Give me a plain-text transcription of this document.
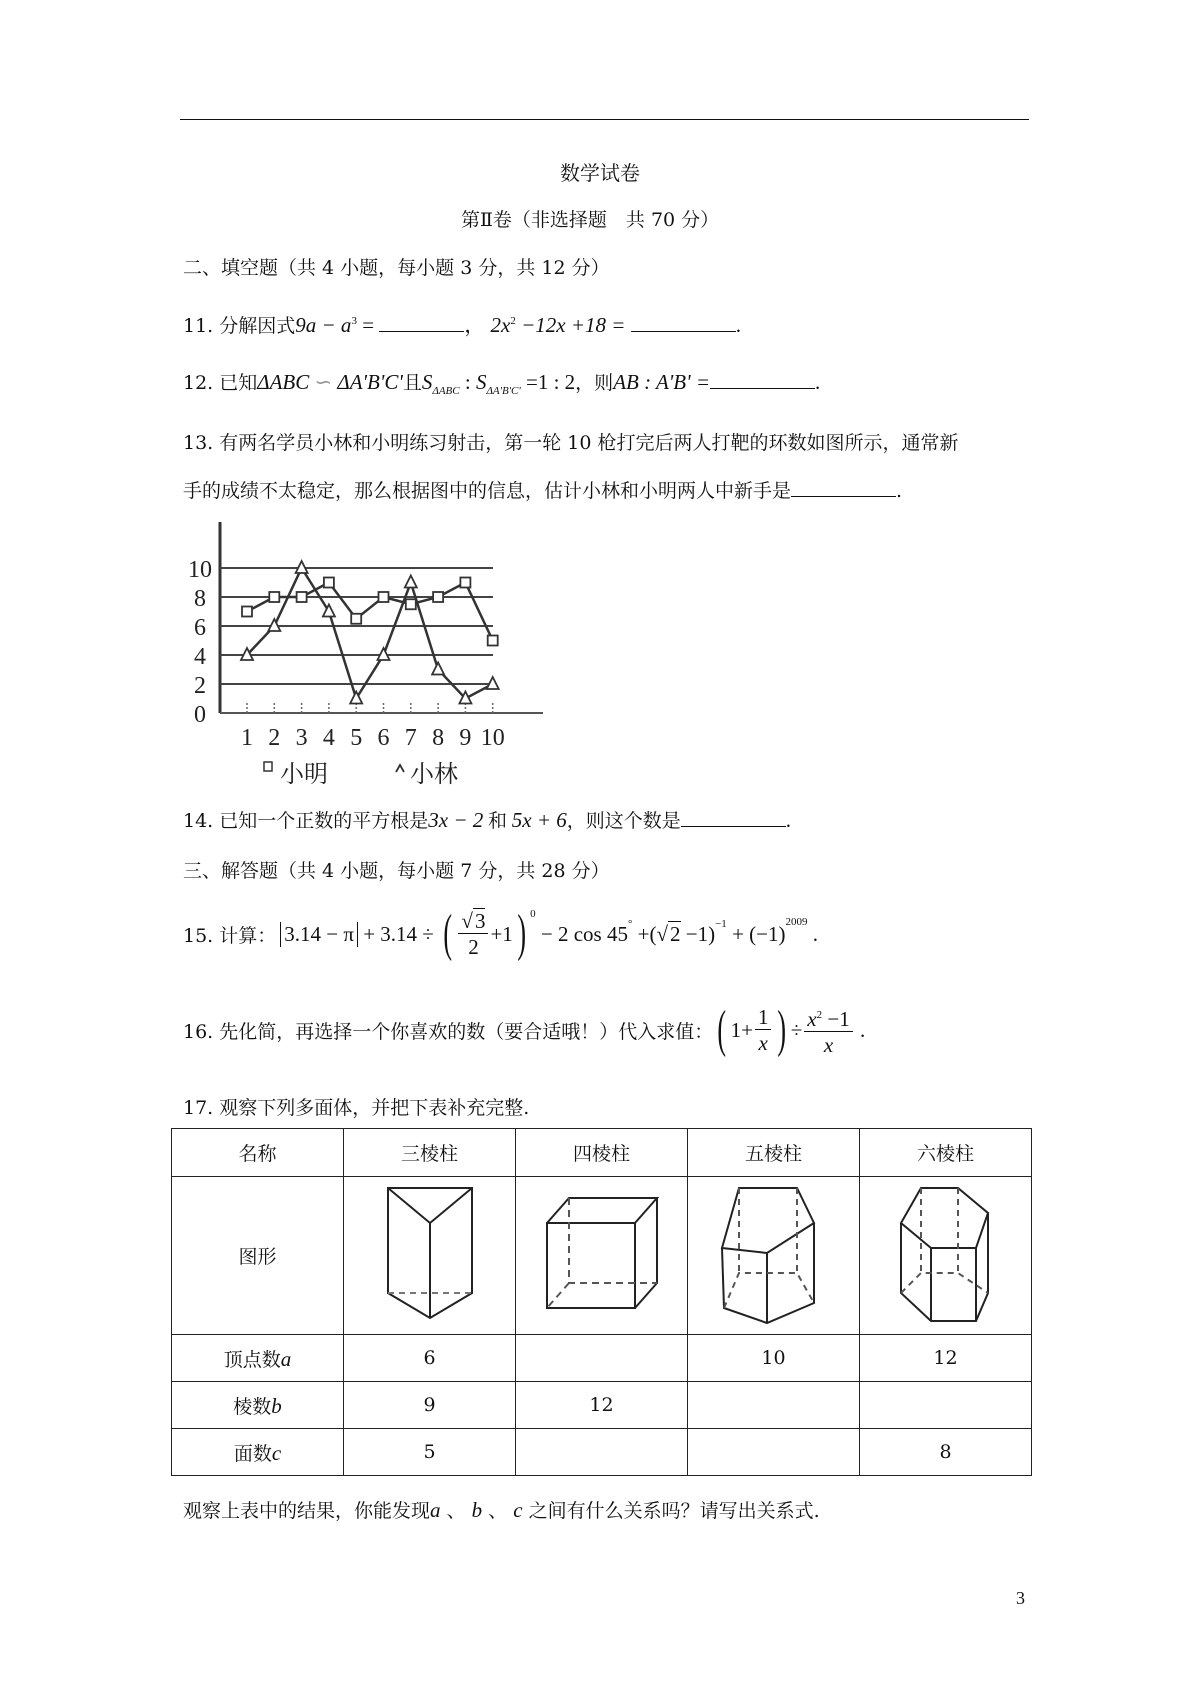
数学试卷
第Ⅱ卷（非选择题　共 70 分）
二、填空题（共 4 小题，每小题 3 分，共 12 分）
11. 分解因式$9a - a^3$ =	， $2x^2 -12x +18$ =	.
12. 已知ΔABC ∽ ΔA'B'C'且$S_{\Delta ABC}$ : $S_{\Delta A'B'C'} =1$ : 2，则AB : A'B' =	.
13. 有两名学员小林和小明练习射击，第一轮 10 枪打完后两人打靶的环数如图所示，通常新
手的成绩不太稳定，那么根据图中的信息，估计小林和小明两人中新手是	.
0
2
4
6
8
10
1 2 3 4 5 6 7 8 9 10
小明	小林
14. 已知一个正数的平方根是3x − 2 和 5x + 6，则这个数是	.
三、解答题（共 4 小题，每小题 7 分，共 28 分）
15. 计算： 3.14 − π + 3.14 ÷ ( $\frac{√3}{2} +1$ ) $^0$
− 2 cos 45° +( √ $2 -1)^{-1} + (-1)^{2009}$ .
16. 先化简，再选择一个你喜欢的数（要合适哦！）代入求值： ( $1+ \frac{1}{x}$ ) ÷ $\frac{x^2 -1}{x}$ .
17. 观察下列多面体，并把下表补充完整.
名称	三棱柱	四棱柱	五棱柱	六棱柱
图形				
顶点数a	6		10	12
棱数b	9	12		
面数c	5			8
观察上表中的结果，你能发现a 、 b 、 c 之间有什么关系吗？请写出关系式.
3
